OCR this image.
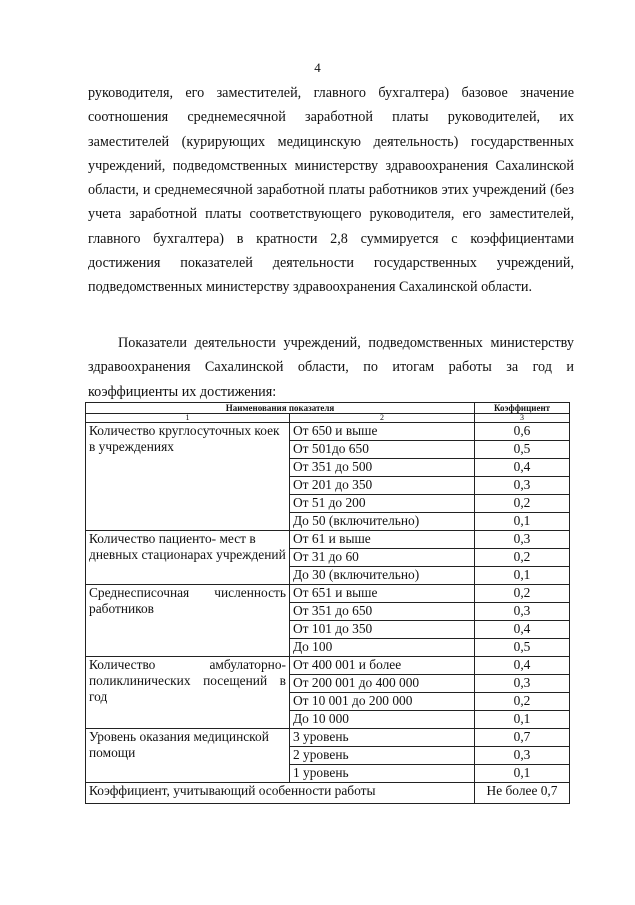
4

руководителя, его заместителей, главного бухгалтера) базовое значение соотношения среднемесячной заработной платы руководителей, их заместителей (курирующих медицинскую деятельность) государственных учреждений, подведомственных министерству здравоохранения Сахалинской области, и среднемесячной заработной платы работников этих учреждений (без учета заработной платы соответствующего руководителя, его заместителей, главного бухгалтера) в кратности 2,8 суммируется с коэффициентами достижения показателей деятельности государственных учреждений, подведомственных министерству здравоохранения Сахалинской области.

Показатели деятельности учреждений, подведомственных министерству здравоохранения Сахалинской области, по итогам работы за год и коэффициенты их достижения:

Наименования показателя		Коэффициент
1	2	3
Количество круглосуточных коек в учреждениях	От 650 и выше	0,6
	От 501до 650	0,5
	От 351 до 500	0,4
	От 201 до 350	0,3
	От 51 до 200	0,2
	До 50 (включительно)	0,1
Количество пациенто- мест в дневных стационарах учреждений	От 61 и выше	0,3
	От 31 до 60	0,2
	До 30 (включительно)	0,1
Среднесписочная численность работников	От 651 и выше	0,2
	От 351 до 650	0,3
	От 101 до 350	0,4
	До 100	0,5
Количество амбулаторно-поликлинических посещений в год	От 400 001 и более	0,4
	От 200 001 до 400 000	0,3
	От 10 001 до 200 000	0,2
	До 10 000	0,1
Уровень оказания медицинской помощи	3 уровень	0,7
	2 уровень	0,3
	1 уровень	0,1
Коэффициент, учитывающий особенности работы		Не более 0,7
